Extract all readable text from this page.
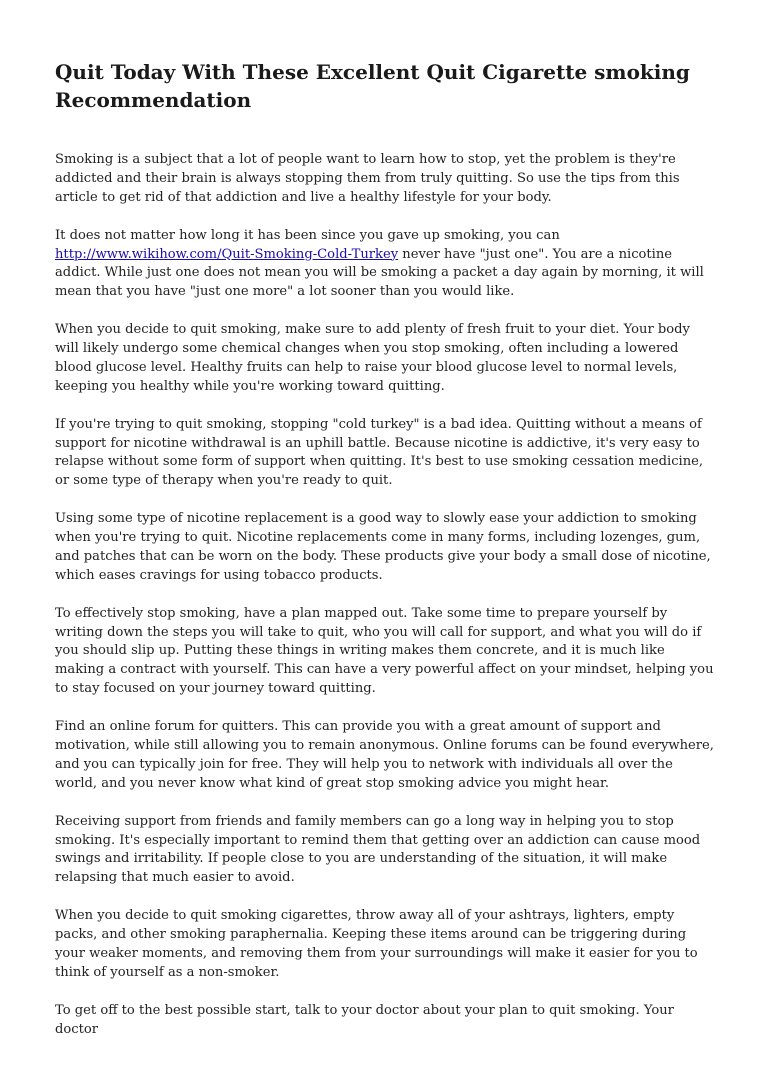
Quit Today With These Excellent Quit Cigarette smoking Recommendation

Smoking is a subject that a lot of people want to learn how to stop, yet the problem is they're addicted and their brain is always stopping them from truly quitting. So use the tips from this article to get rid of that addiction and live a healthy lifestyle for your body.

It does not matter how long it has been since you gave up smoking, you can http://www.wikihow.com/Quit-Smoking-Cold-Turkey never have "just one". You are a nicotine addict. While just one does not mean you will be smoking a packet a day again by morning, it will mean that you have "just one more" a lot sooner than you would like.

When you decide to quit smoking, make sure to add plenty of fresh fruit to your diet. Your body will likely undergo some chemical changes when you stop smoking, often including a lowered blood glucose level. Healthy fruits can help to raise your blood glucose level to normal levels, keeping you healthy while you're working toward quitting.

If you're trying to quit smoking, stopping "cold turkey" is a bad idea. Quitting without a means of support for nicotine withdrawal is an uphill battle. Because nicotine is addictive, it's very easy to relapse without some form of support when quitting. It's best to use smoking cessation medicine, or some type of therapy when you're ready to quit.

Using some type of nicotine replacement is a good way to slowly ease your addiction to smoking when you're trying to quit. Nicotine replacements come in many forms, including lozenges, gum, and patches that can be worn on the body. These products give your body a small dose of nicotine, which eases cravings for using tobacco products.

To effectively stop smoking, have a plan mapped out. Take some time to prepare yourself by writing down the steps you will take to quit, who you will call for support, and what you will do if you should slip up. Putting these things in writing makes them concrete, and it is much like making a contract with yourself. This can have a very powerful affect on your mindset, helping you to stay focused on your journey toward quitting.

Find an online forum for quitters. This can provide you with a great amount of support and motivation, while still allowing you to remain anonymous. Online forums can be found everywhere, and you can typically join for free. They will help you to network with individuals all over the world, and you never know what kind of great stop smoking advice you might hear.

Receiving support from friends and family members can go a long way in helping you to stop smoking. It's especially important to remind them that getting over an addiction can cause mood swings and irritability. If people close to you are understanding of the situation, it will make relapsing that much easier to avoid.

When you decide to quit smoking cigarettes, throw away all of your ashtrays, lighters, empty packs, and other smoking paraphernalia. Keeping these items around can be triggering during your weaker moments, and removing them from your surroundings will make it easier for you to think of yourself as a non-smoker.

To get off to the best possible start, talk to your doctor about your plan to quit smoking. Your doctor
